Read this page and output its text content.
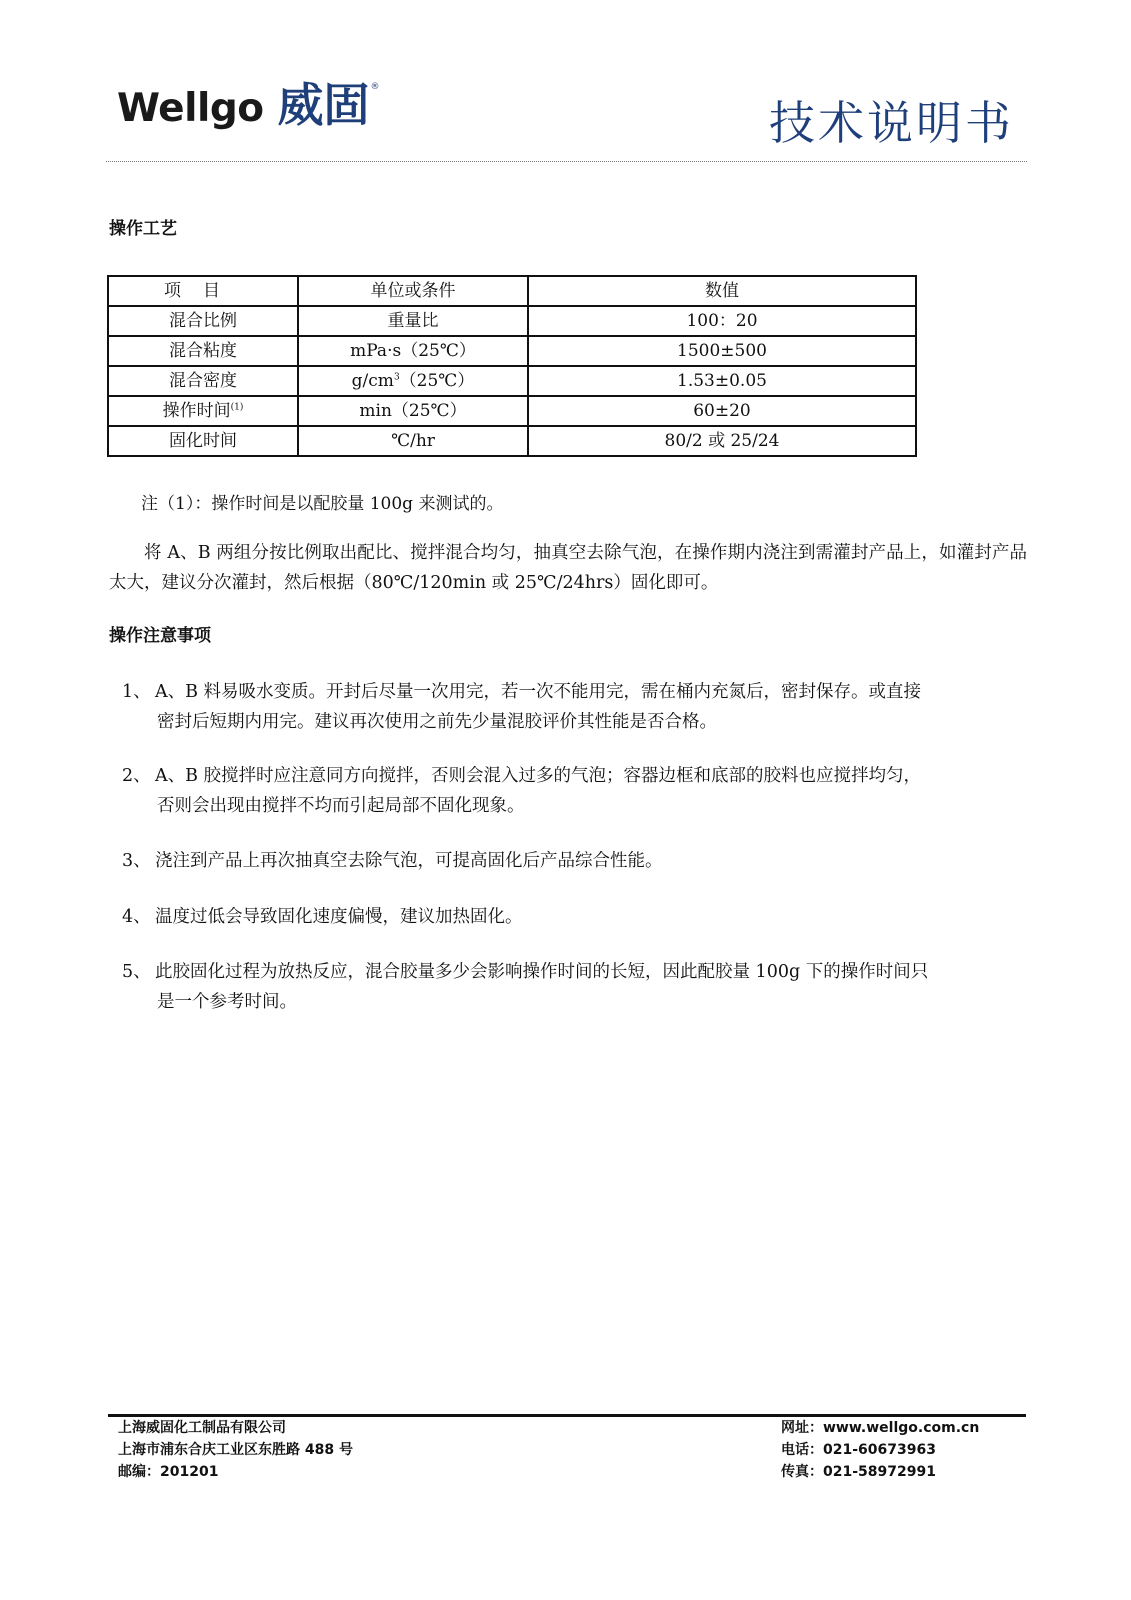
Wellgo 威固 ®
技术说明书
操作工艺
项目	单位或条件	数值
混合比例	重量比	100：20
混合粘度	mPa·s（25℃）	1500±500
混合密度	$g/cm^3(25℃)$	1.53±0.05
操作时间$^{(1)}$	min（25℃）	60±20
固化时间	℃/hr	80/2 或 25/24
注（1）：操作时间是以配胶量 100g 来测试的。

将 A、B 两组分按比例取出配比、搅拌混合均匀，抽真空去除气泡，在操作期内浇注到需灌封产品上，如灌封产品太大，建议分次灌封，然后根据（80℃/120min 或 25℃/24hrs）固化即可。

操作注意事项
1、 A、B 料易吸水变质。开封后尽量一次用完，若一次不能用完，需在桶内充氮后，密封保存。或直接
密封后短期内用完。建议再次使用之前先少量混胶评价其性能是否合格。
2、 A、B 胶搅拌时应注意同方向搅拌，否则会混入过多的气泡；容器边框和底部的胶料也应搅拌均匀，
否则会出现由搅拌不均而引起局部不固化现象。
3、 浇注到产品上再次抽真空去除气泡，可提高固化后产品综合性能。
4、 温度过低会导致固化速度偏慢，建议加热固化。
5、 此胶固化过程为放热反应，混合胶量多少会影响操作时间的长短，因此配胶量 100g 下的操作时间只
是一个参考时间。
上海威固化工制品有限公司
上海市浦东合庆工业区东胜路 488 号
邮编：201201
网址：www.wellgo.com.cn
电话：021-60673963
传真：021-58972991
